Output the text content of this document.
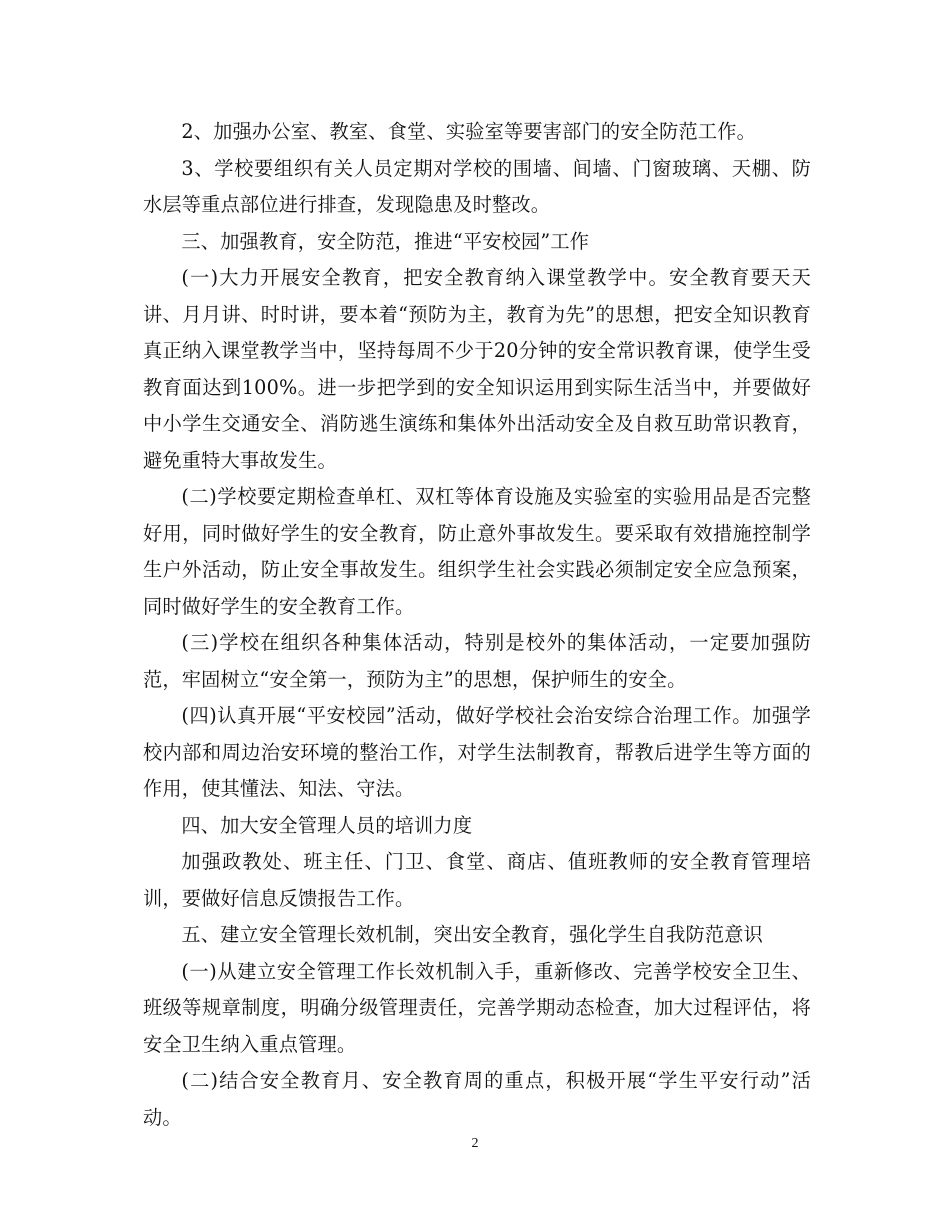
2、加强办公室、教室、食堂、实验室等要害部门的安全防范工作。

3、学校要组织有关人员定期对学校的围墙、间墙、门窗玻璃、天棚、防水层等重点部位进行排查，发现隐患及时整改。

三、加强教育，安全防范，推进“平安校园”工作

(一)大力开展安全教育，把安全教育纳入课堂教学中。安全教育要天天讲、月月讲、时时讲，要本着“预防为主，教育为先”的思想，把安全知识教育真正纳入课堂教学当中，坚持每周不少于20分钟的安全常识教育课，使学生受教育面达到100%。进一步把学到的安全知识运用到实际生活当中，并要做好中小学生交通安全、消防逃生演练和集体外出活动安全及自救互助常识教育，避免重特大事故发生。

(二)学校要定期检查单杠、双杠等体育设施及实验室的实验用品是否完整好用，同时做好学生的安全教育，防止意外事故发生。要采取有效措施控制学生户外活动，防止安全事故发生。组织学生社会实践必须制定安全应急预案，同时做好学生的安全教育工作。

(三)学校在组织各种集体活动，特别是校外的集体活动，一定要加强防范，牢固树立“安全第一，预防为主”的思想，保护师生的安全。

(四)认真开展“平安校园”活动，做好学校社会治安综合治理工作。加强学校内部和周边治安环境的整治工作，对学生法制教育，帮教后进学生等方面的作用，使其懂法、知法、守法。

四、加大安全管理人员的培训力度

加强政教处、班主任、门卫、食堂、商店、值班教师的安全教育管理培训，要做好信息反馈报告工作。

五、建立安全管理长效机制，突出安全教育，强化学生自我防范意识

(一)从建立安全管理工作长效机制入手，重新修改、完善学校安全卫生、班级等规章制度，明确分级管理责任，完善学期动态检查，加大过程评估，将安全卫生纳入重点管理。

(二)结合安全教育月、安全教育周的重点，积极开展“学生平安行动”活动。

2
